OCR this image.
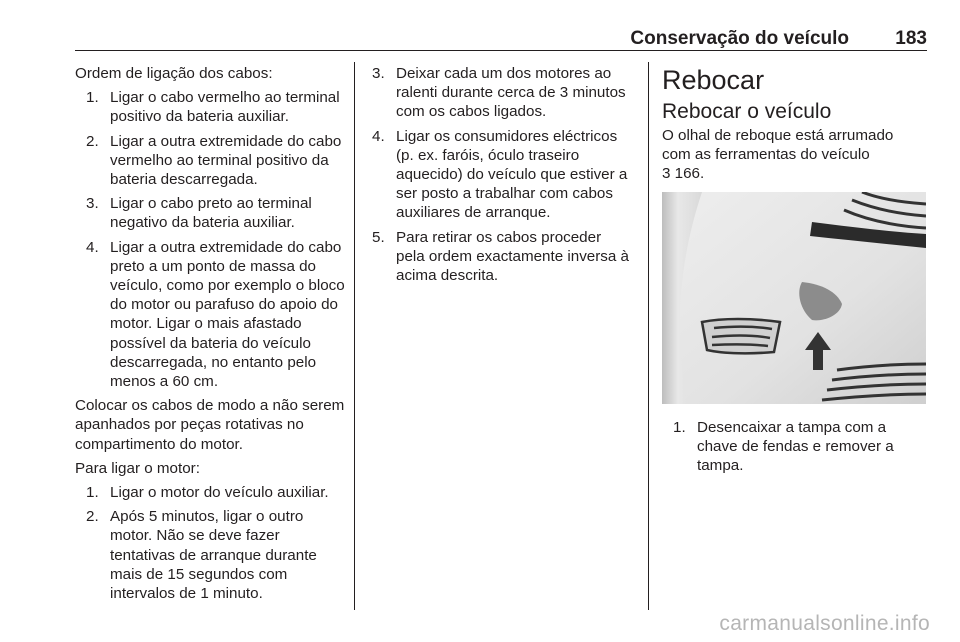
Conservação do veículo 183

Ordem de ligação dos cabos:

1. Ligar o cabo vermelho ao terminal positivo da bateria auxiliar.
2. Ligar a outra extremidade do cabo vermelho ao terminal positivo da bateria descarregada.
3. Ligar o cabo preto ao terminal negativo da bateria auxiliar.
4. Ligar a outra extremidade do cabo preto a um ponto de massa do veículo, como por exemplo o bloco do motor ou parafuso do apoio do motor. Ligar o mais afastado possível da bateria do veículo descarregada, no entanto pelo menos a 60 cm.

Colocar os cabos de modo a não serem apanhados por peças rotativas no compartimento do motor.

Para ligar o motor:

1. Ligar o motor do veículo auxiliar.
2. Após 5 minutos, ligar o outro motor. Não se deve fazer tentativas de arranque durante mais de 15 segundos com intervalos de 1 minuto.
3. Deixar cada um dos motores ao ralenti durante cerca de 3 minutos com os cabos ligados.
4. Ligar os consumidores eléctricos (p. ex. faróis, óculo traseiro aquecido) do veículo que estiver a ser posto a trabalhar com cabos auxiliares de arranque.
5. Para retirar os cabos proceder pela ordem exactamente inversa à acima descrita.
Rebocar
Rebocar o veículo

O olhal de reboque está arrumado com as ferramentas do veículo
3 166.

1. Desencaixar a tampa com a chave de fendas e remover a tampa.
carmanualsonline.info
